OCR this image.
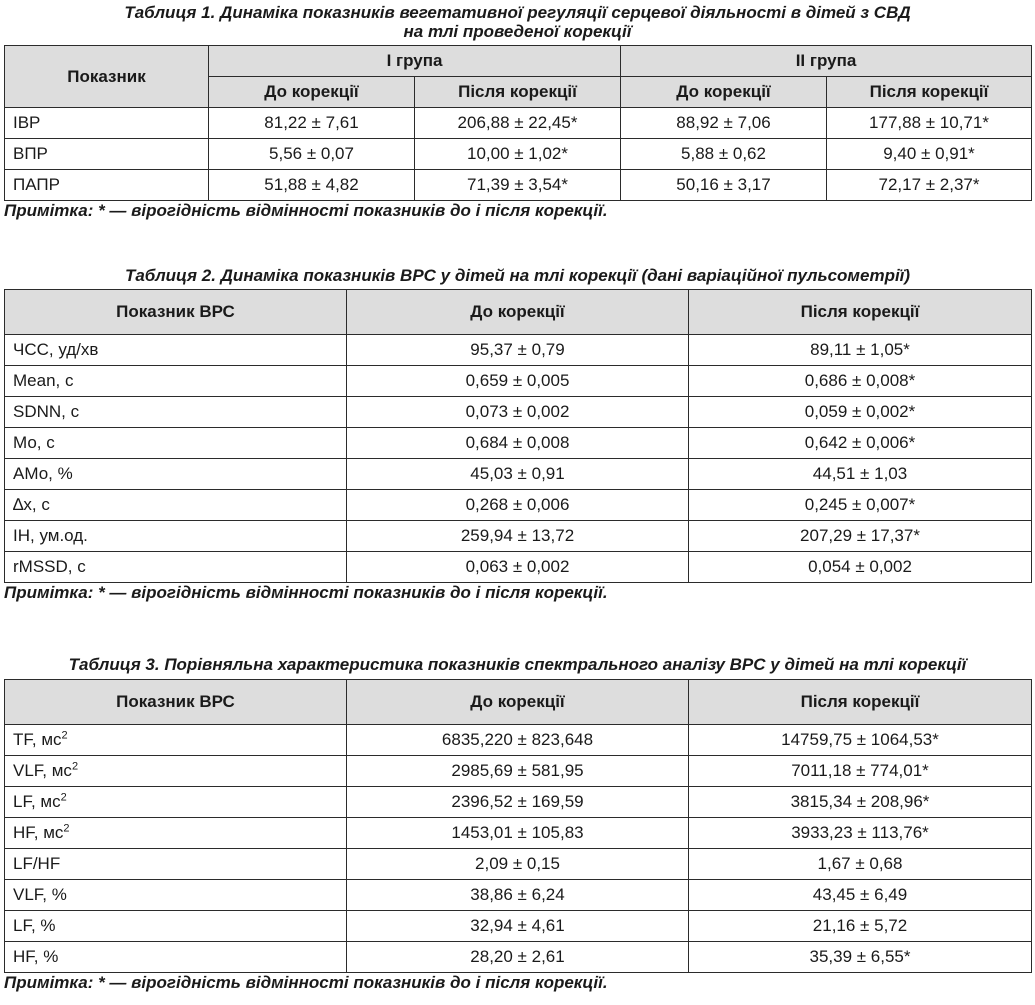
Таблиця 1. Динаміка показників вегетативної регуляції серцевої діяльності в дітей з СВД
на тлі проведеної корекції

Показник	І група		ІІ група	
	До корекції	Після корекції	До корекції	Після корекції
ІВР	81,22 ± 7,61	206,88 ± 22,45*	88,92 ± 7,06	177,88 ± 10,71*
ВПР	5,56 ± 0,07	10,00 ± 1,02*	5,88 ± 0,62	9,40 ± 0,91*
ПАПР	51,88 ± 4,82	71,39 ± 3,54*	50,16 ± 3,17	72,17 ± 2,37*

Примітка: * — вірогідність відмінності показників до і після корекції.

Таблиця 2. Динаміка показників ВРС у дітей на тлі корекції (дані варіаційної пульсометрії)

Показник ВРС	До корекції	Після корекції
ЧСС, уд/хв	95,37 ± 0,79	89,11 ± 1,05*
Mean, с	0,659 ± 0,005	0,686 ± 0,008*
SDNN, с	0,073 ± 0,002	0,059 ± 0,002*
Мо, с	0,684 ± 0,008	0,642 ± 0,006*
АМо, %	45,03 ± 0,91	44,51 ± 1,03
∆x, с	0,268 ± 0,006	0,245 ± 0,007*
ІН, ум.од.	259,94 ± 13,72	207,29 ± 17,37*
rMSSD, с	0,063 ± 0,002	0,054 ± 0,002

Примітка: * — вірогідність відмінності показників до і після корекції.

Таблиця 3. Порівняльна характеристика показників спектрального аналізу ВРС у дітей на тлі корекції

Показник ВРС	До корекції	Після корекції
TF, $мс^2$	6835,220 ± 823,648	14759,75 ± 1064,53*
VLF, $мс^2$	2985,69 ± 581,95	7011,18 ± 774,01*
LF, $мс^2$	2396,52 ± 169,59	3815,34 ± 208,96*
HF, $мс^2$	1453,01 ± 105,83	3933,23 ± 113,76*
LF/HF	2,09 ± 0,15	1,67 ± 0,68
VLF, %	38,86 ± 6,24	43,45 ± 6,49
LF, %	32,94 ± 4,61	21,16 ± 5,72
HF, %	28,20 ± 2,61	35,39 ± 6,55*

Примітка: * — вірогідність відмінності показників до і після корекції.
